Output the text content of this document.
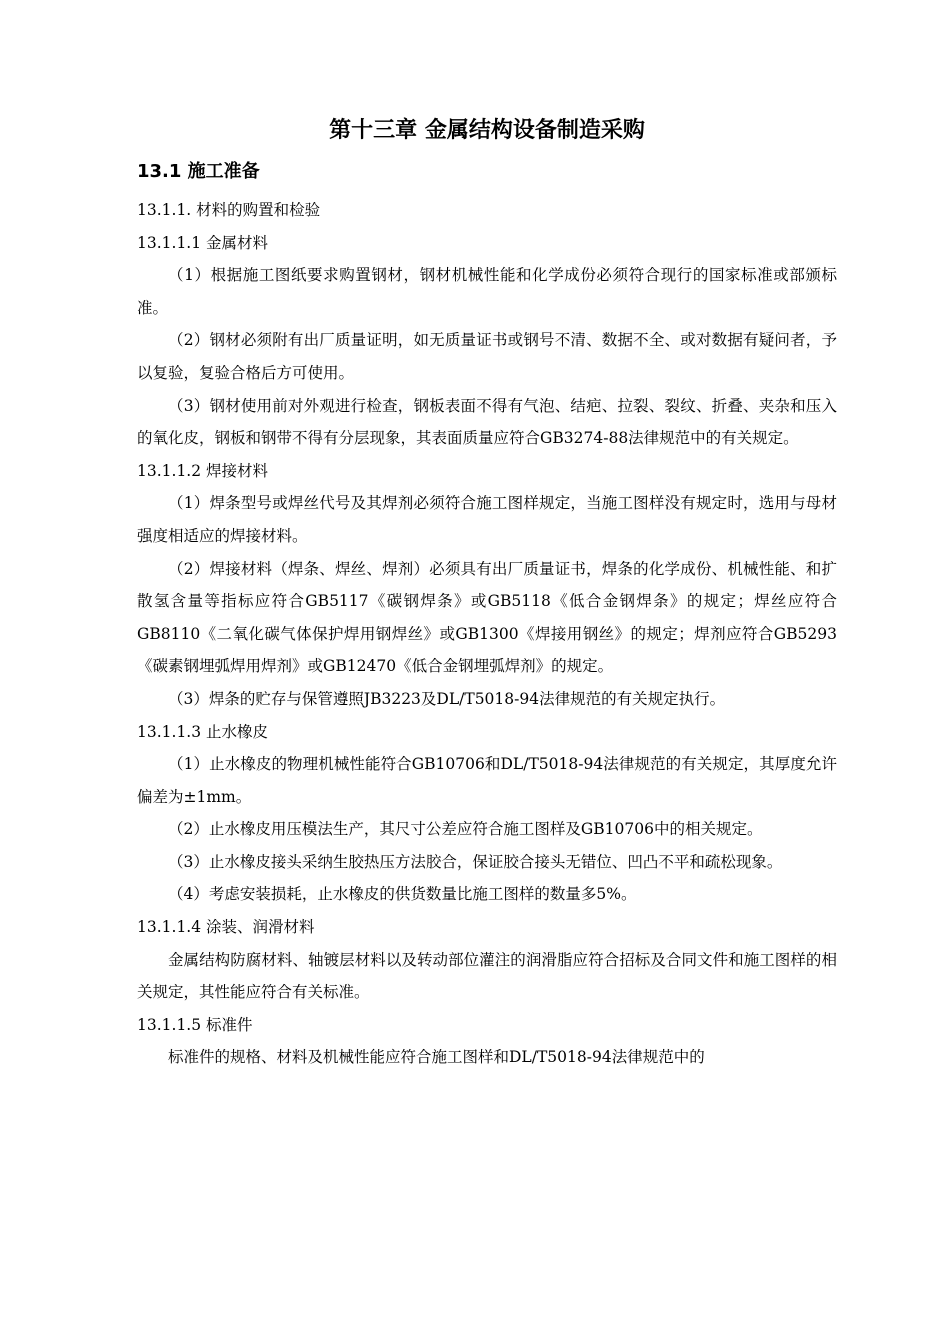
第十三章 金属结构设备制造采购
13.1 施工准备

13.1.1. 材料的购置和检验

13.1.1.1 金属材料

（1）根据施工图纸要求购置钢材，钢材机械性能和化学成份必须符合现行的国家标准或部颁标准。

（2）钢材必须附有出厂质量证明，如无质量证书或钢号不清、数据不全、或对数据有疑问者，予以复验，复验合格后方可使用。

（3）钢材使用前对外观进行检查，钢板表面不得有气泡、结疤、拉裂、裂纹、折叠、夹杂和压入的氧化皮，钢板和钢带不得有分层现象，其表面质量应符合GB3274-88法律规范中的有关规定。

13.1.1.2 焊接材料

（1）焊条型号或焊丝代号及其焊剂必须符合施工图样规定，当施工图样没有规定时，选用与母材强度相适应的焊接材料。

（2）焊接材料（焊条、焊丝、焊剂）必须具有出厂质量证书，焊条的化学成份、机械性能、和扩散氢含量等指标应符合GB5117《碳钢焊条》或GB5118《低合金钢焊条》的规定；焊丝应符合GB8110《二氧化碳气体保护焊用钢焊丝》或GB1300《焊接用钢丝》的规定；焊剂应符合GB5293《碳素钢埋弧焊用焊剂》或GB12470《低合金钢埋弧焊剂》的规定。

（3）焊条的贮存与保管遵照JB3223及DL/T5018-94法律规范的有关规定执行。

13.1.1.3 止水橡皮

（1）止水橡皮的物理机械性能符合GB10706和DL/T5018-94法律规范的有关规定，其厚度允许偏差为±1mm。

（2）止水橡皮用压模法生产，其尺寸公差应符合施工图样及GB10706中的相关规定。

（3）止水橡皮接头采纳生胶热压方法胶合，保证胶合接头无错位、凹凸不平和疏松现象。

（4）考虑安装损耗，止水橡皮的供货数量比施工图样的数量多5%。

13.1.1.4 涂装、润滑材料

金属结构防腐材料、轴镀层材料以及转动部位灌注的润滑脂应符合招标及合同文件和施工图样的相关规定，其性能应符合有关标准。

13.1.1.5 标准件

标准件的规格、材料及机械性能应符合施工图样和DL/T5018-94法律规范中的
